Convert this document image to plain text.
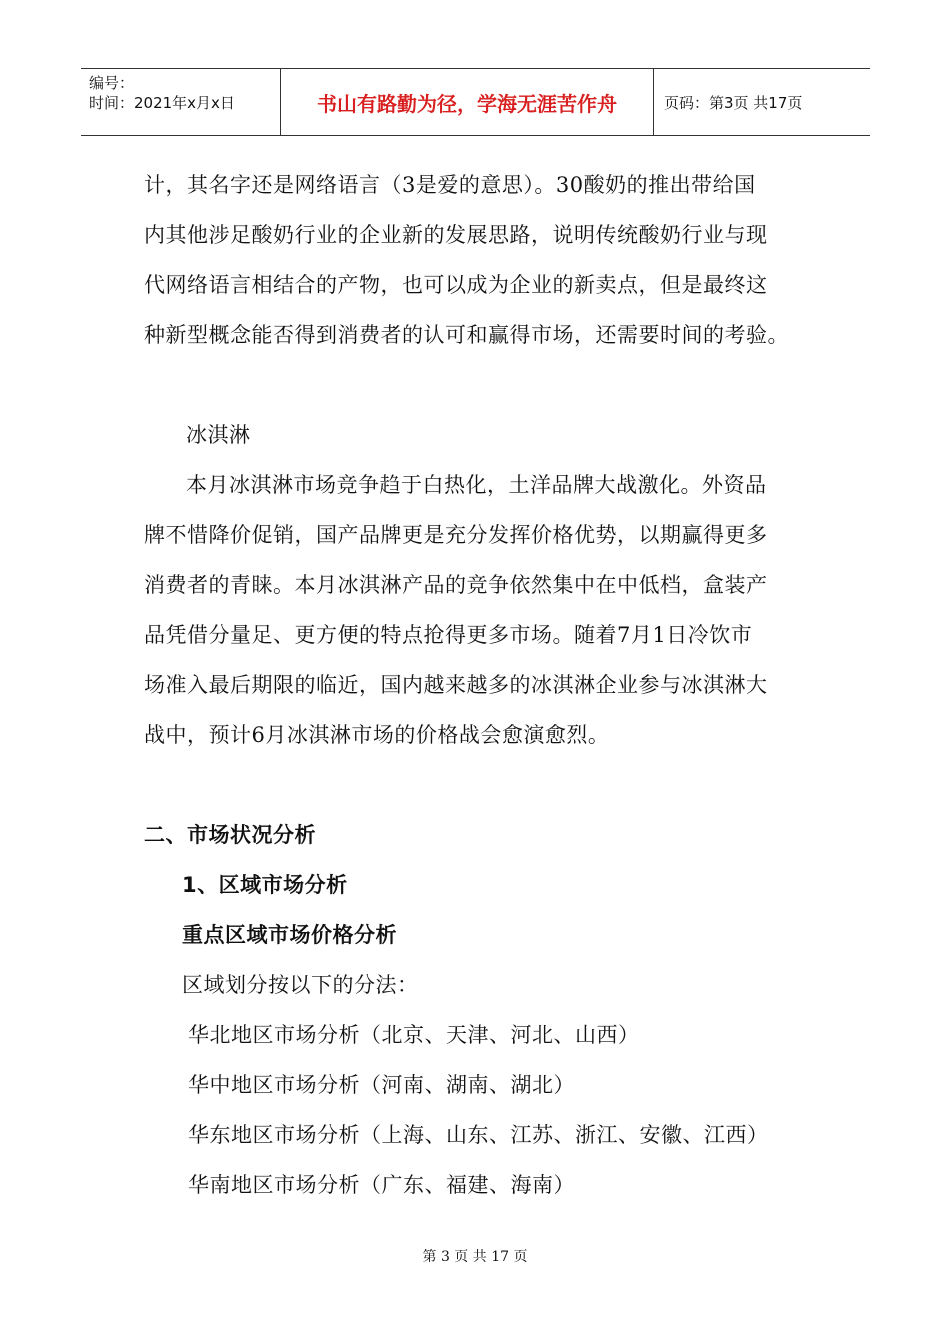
编号：
时间：2021年x月x日	书山有路勤为径，学海无涯苦作舟	页码：第3页 共17页

计，其名字还是网络语言（3是爱的意思）。30酸奶的推出带给国

内其他涉足酸奶行业的企业新的发展思路，说明传统酸奶行业与现

代网络语言相结合的产物，也可以成为企业的新卖点，但是最终这

种新型概念能否得到消费者的认可和赢得市场，还需要时间的考验。

冰淇淋

本月冰淇淋市场竞争趋于白热化，土洋品牌大战激化。外资品

牌不惜降价促销，国产品牌更是充分发挥价格优势，以期赢得更多

消费者的青睐。本月冰淇淋产品的竞争依然集中在中低档，盒装产

品凭借分量足、更方便的特点抢得更多市场。随着7月1日冷饮市

场准入最后期限的临近，国内越来越多的冰淇淋企业参与冰淇淋大

战中，预计6月冰淇淋市场的价格战会愈演愈烈。

二、市场状况分析

1、区域市场分析

重点区域市场价格分析

区域划分按以下的分法：

华北地区市场分析（北京、天津、河北、山西）

华中地区市场分析（河南、湖南、湖北）

华东地区市场分析（上海、山东、江苏、浙江、安徽、江西）

华南地区市场分析（广东、福建、海南）

第 3 页 共 17 页
